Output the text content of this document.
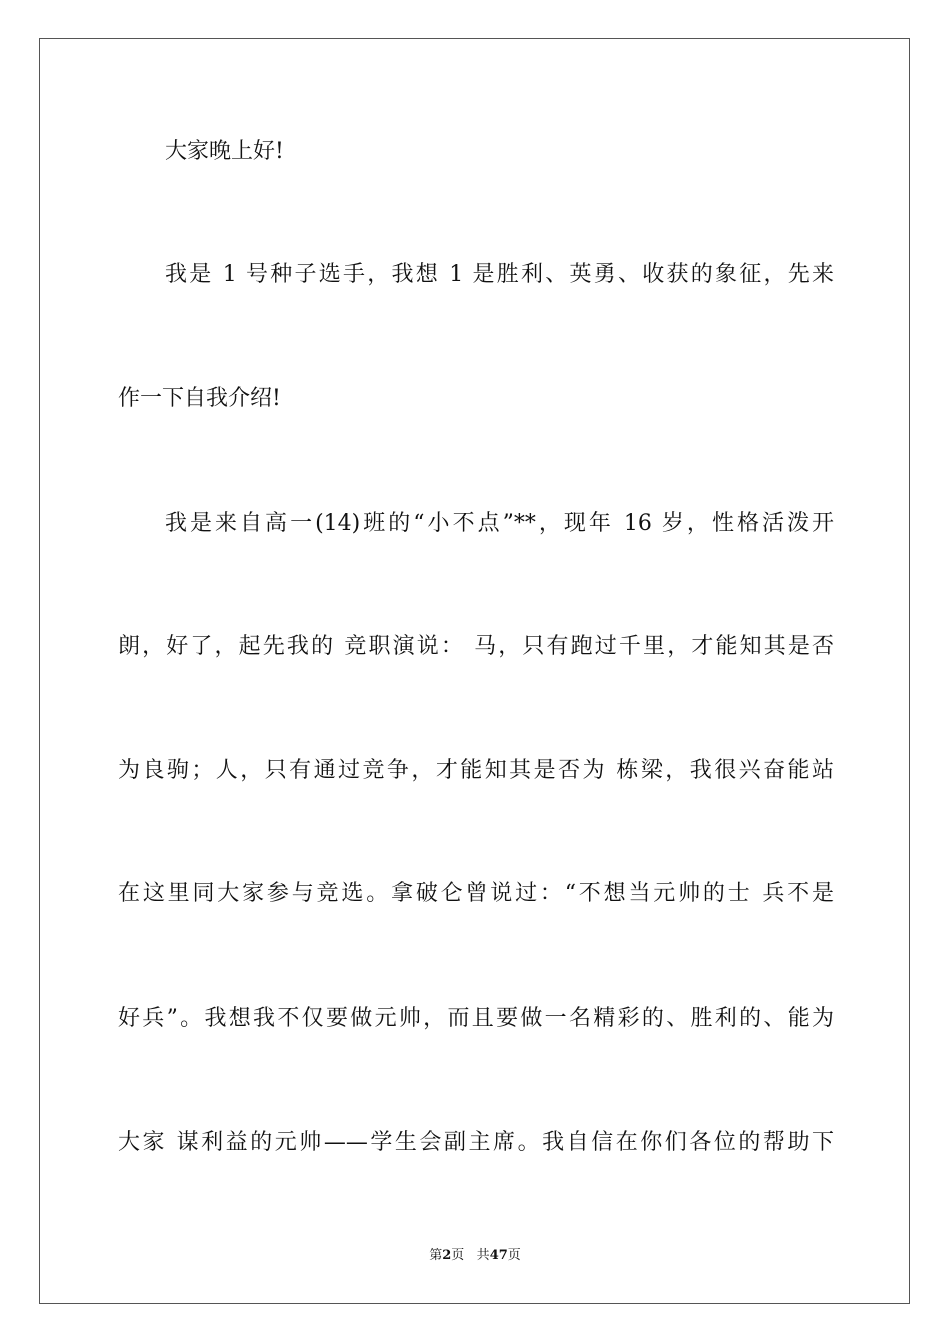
大家晚上好!
我是 1 号种子选手，我想 1 是胜利、英勇、收获的象征，先来
作一下自我介绍!
我是来自高一(14)班的“小不点”**，现年 16 岁，性格活泼开
朗，好了，起先我的 竞职演说： 马，只有跑过千里，才能知其是否
为良驹；人，只有通过竞争，才能知其是否为 栋梁，我很兴奋能站
在这里同大家参与竞选。拿破仑曾说过：“不想当元帅的士 兵不是
好兵”。我想我不仅要做元帅，而且要做一名精彩的、胜利的、能为
大家 谋利益的元帅——学生会副主席。我自信在你们各位的帮助下
第2页 共47页
